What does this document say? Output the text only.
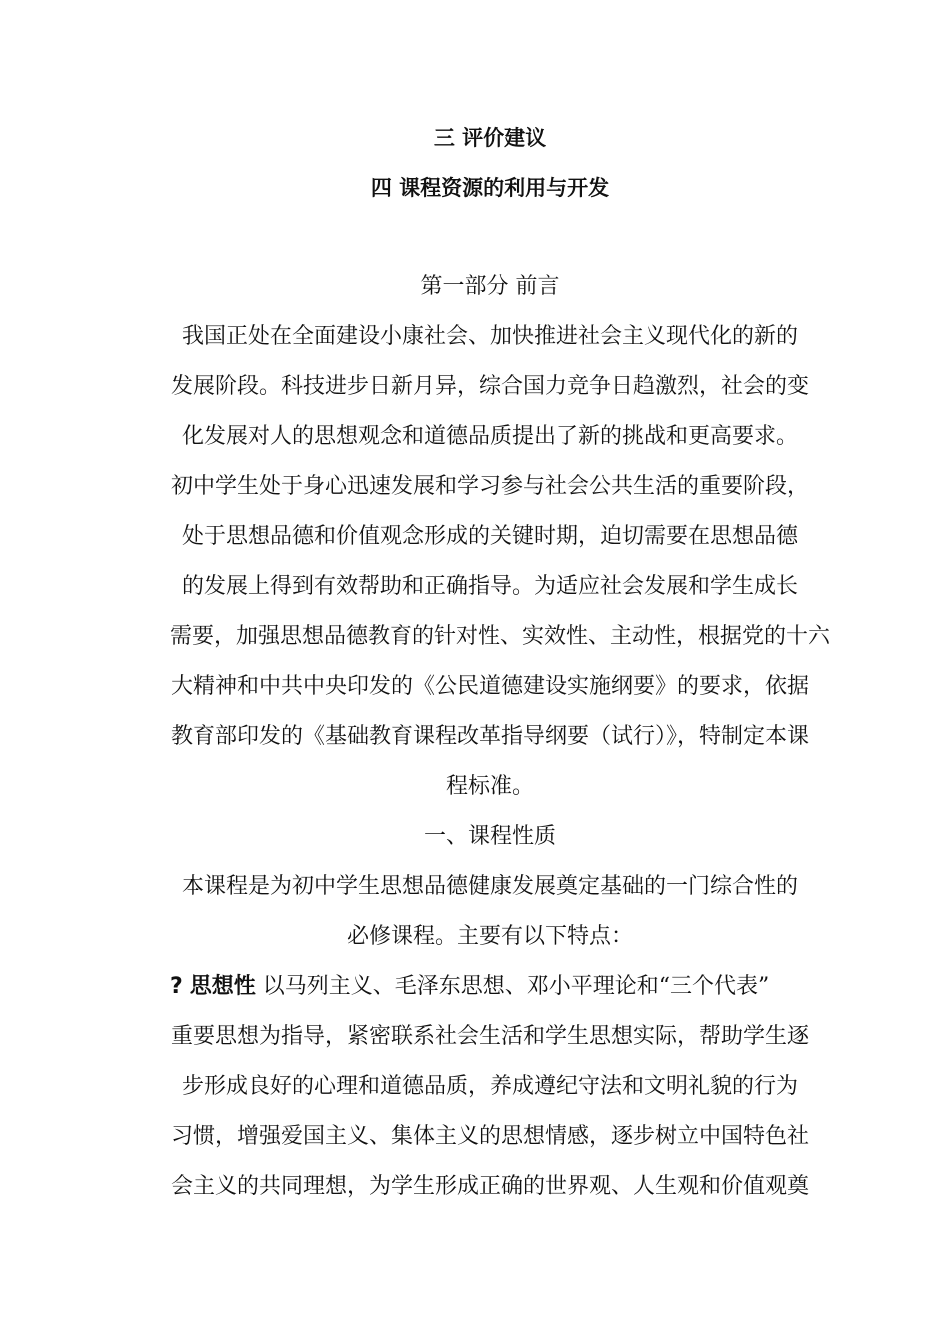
三 评价建议
四 课程资源的利用与开发
第一部分 前言
我国正处在全面建设小康社会、加快推进社会主义现代化的新的
发展阶段。科技进步日新月异，综合国力竞争日趋激烈，社会的变
化发展对人的思想观念和道德品质提出了新的挑战和更高要求。
初中学生处于身心迅速发展和学习参与社会公共生活的重要阶段，
处于思想品德和价值观念形成的关键时期，迫切需要在思想品德
的发展上得到有效帮助和正确指导。为适应社会发展和学生成长
需要，加强思想品德教育的针对性、实效性、主动性，根据党的十六
大精神和中共中央印发的《公民道德建设实施纲要》的要求，依据
教育部印发的《基础教育课程改革指导纲要（试行）》，特制定本课
程标准。
一、课程性质
本课程是为初中学生思想品德健康发展奠定基础的一门综合性的
必修课程。主要有以下特点：
? 思想性 以马列主义、毛泽东思想、邓小平理论和“三个代表”
重要思想为指导，紧密联系社会生活和学生思想实际，帮助学生逐
步形成良好的心理和道德品质，养成遵纪守法和文明礼貌的行为
习惯，增强爱国主义、集体主义的思想情感，逐步树立中国特色社
会主义的共同理想，为学生形成正确的世界观、人生观和价值观奠
